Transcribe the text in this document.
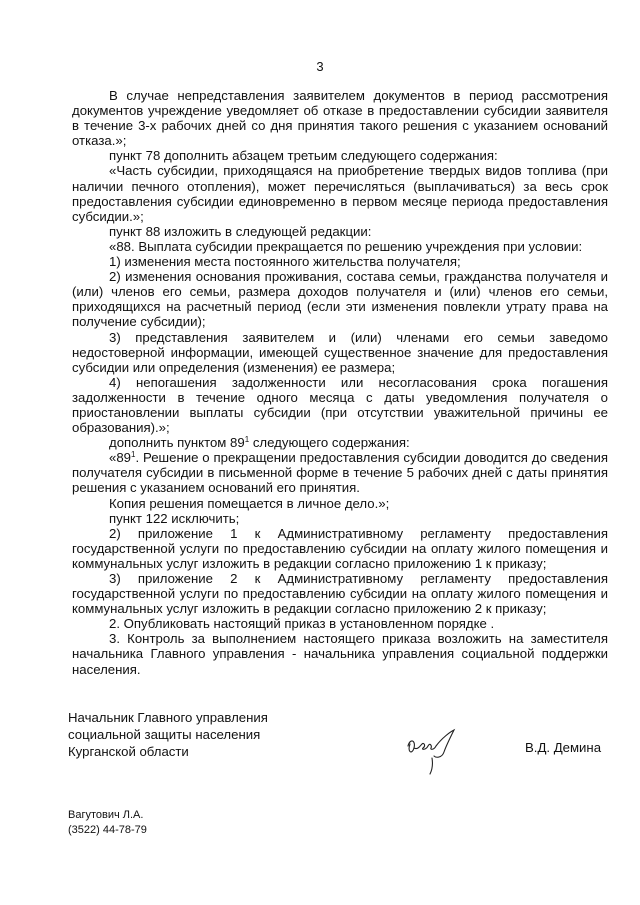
3

В случае непредставления заявителем документов в период рассмотрения документов учреждение уведомляет об отказе в предоставлении субсидии заявителя в течение 3-х рабочих дней со дня принятия такого решения с указанием оснований отказа.»;

пункт 78 дополнить абзацем третьим следующего содержания:

«Часть субсидии, приходящаяся на приобретение твердых видов топлива (при наличии печного отопления), может перечисляться (выплачиваться) за весь срок предоставления субсидии единовременно в первом месяце периода предоставления субсидии.»;

пункт 88 изложить в следующей редакции:

«88. Выплата субсидии прекращается по решению учреждения при условии:

1) изменения места постоянного жительства получателя;

2) изменения основания проживания, состава семьи, гражданства получателя и (или) членов его семьи, размера доходов получателя и (или) членов его семьи, приходящихся на расчетный период (если эти изменения повлекли утрату права на получение субсидии);

3) представления заявителем и (или) членами его семьи заведомо недостоверной информации, имеющей существенное значение для предоставления субсидии или определения (изменения) ее размера;

4) непогашения задолженности или несогласования срока погашения задолженности в течение одного месяца с даты уведомления получателя о приостановлении выплаты субсидии (при отсутствии уважительной причины ее образования).»;

дополнить пунктом $89^1$ следующего содержания:

«$89^1$. Решение о прекращении предоставления субсидии доводится до сведения получателя субсидии в письменной форме в течение 5 рабочих дней с даты принятия решения с указанием оснований его принятия.

Копия решения помещается в личное дело.»;

пункт 122 исключить;

2) приложение 1 к Административному регламенту предоставления государственной услуги по предоставлению субсидии на оплату жилого помещения и коммунальных услуг изложить в редакции согласно приложению 1 к приказу;

3) приложение 2 к Административному регламенту предоставления государственной услуги по предоставлению субсидии на оплату жилого помещения и коммунальных услуг изложить в редакции согласно приложению 2 к приказу;

2. Опубликовать настоящий приказ в установленном порядке .

3. Контроль за выполнением настоящего приказа возложить на заместителя начальника Главного управления - начальника управления социальной поддержки населения.

Начальник Главного управления
социальной защиты населения
Курганской области	В.Д. Демина
Вагутович Л.А.
(3522) 44-78-79
